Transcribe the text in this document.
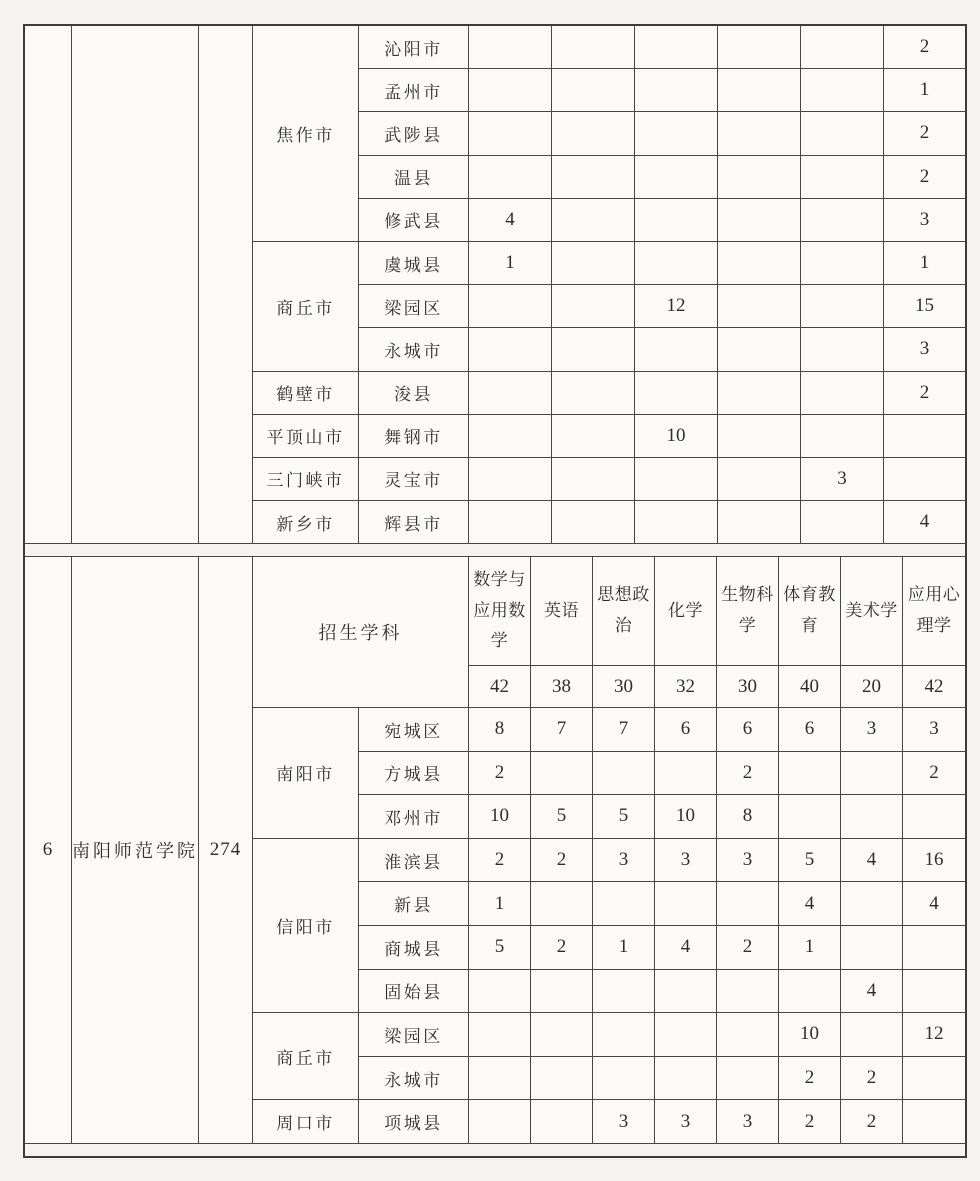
			焦作市	沁阳市						2
				孟州市						1
				武陟县						2
				温县						2
				修武县	4					3
			商丘市	虞城县	1					1
				梁园区			12			15
				永城市						3
			鹤壁市	浚县						2
			平顶山市	舞钢市			10			
			三门峡市	灵宝市					3	
			新乡市	辉县市						4
6	南阳师范学院	274	招生学科		数学与应用数学	英语	思想政治	化学	生物科学	体育教育	美术学	应用心理学
					42	38	30	32	30	40	20	42
			南阳市	宛城区	8	7	7	6	6	6	3	3
				方城县	2				2			2
				邓州市	10	5	5	10	8			
			信阳市	淮滨县	2	2	3	3	3	5	4	16
				新县	1					4		4
				商城县	5	2	1	4	2	1		
				固始县							4	
			商丘市	梁园区						10		12
				永城市						2	2	
			周口市	项城县			3	3	3	2	2	
